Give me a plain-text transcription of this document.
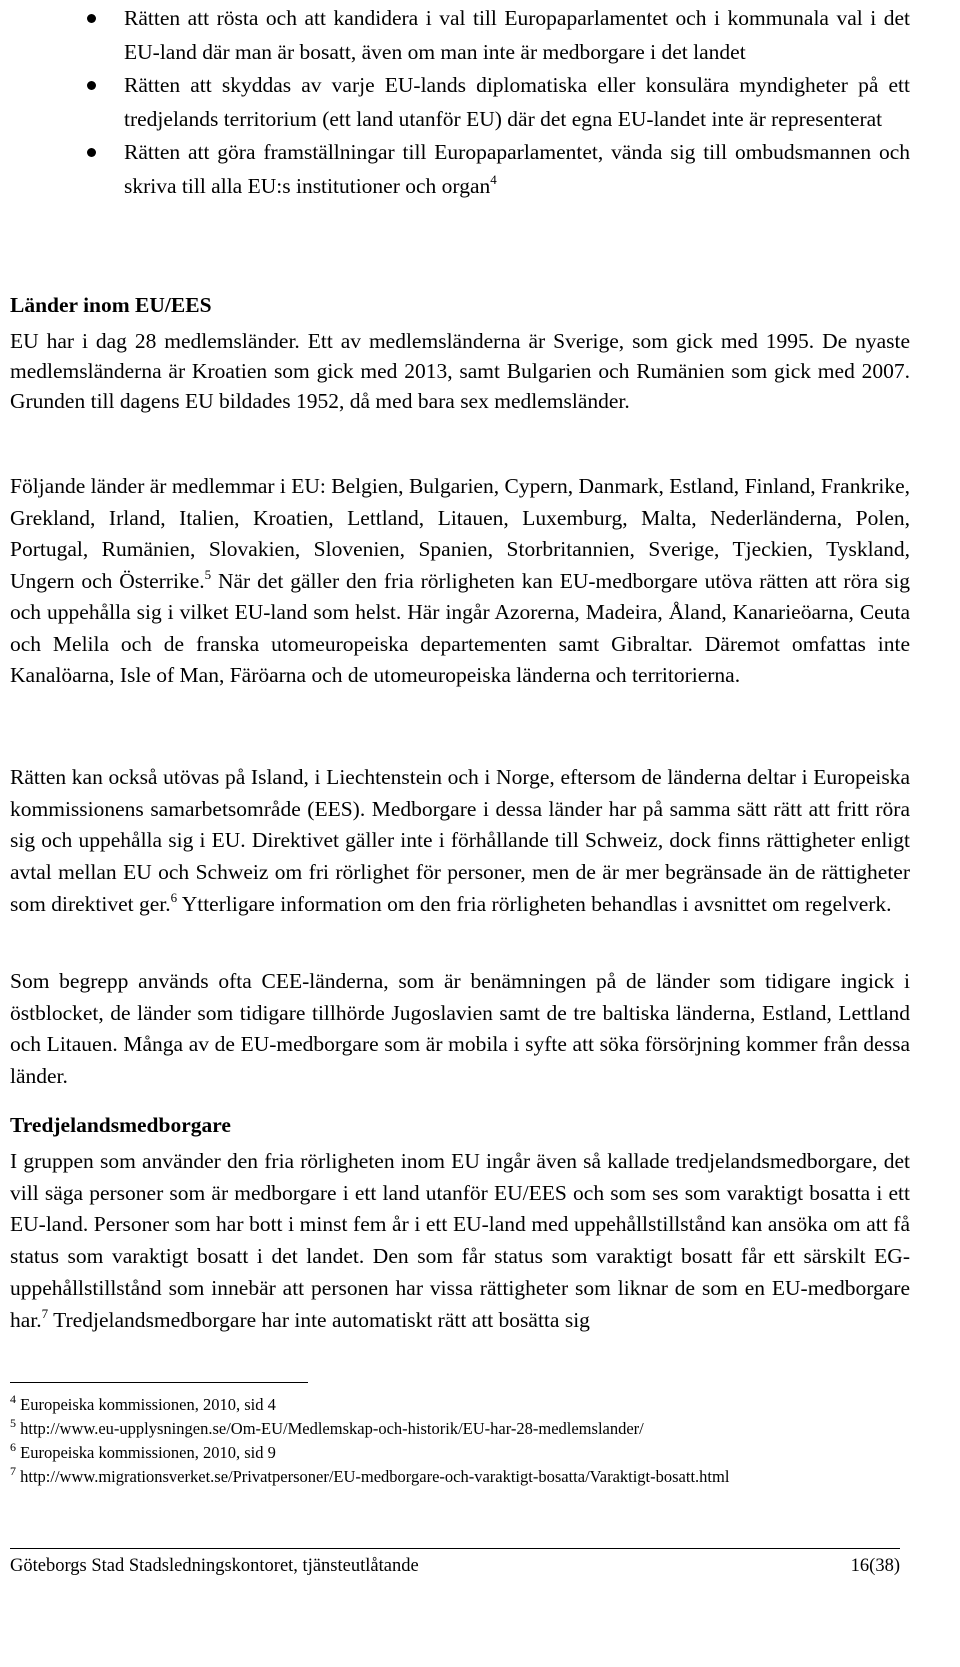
Rätten att rösta och att kandidera i val till Europaparlamentet och i kommunala val i det EU-land där man är bosatt, även om man inte är medborgare i det landet
Rätten att skyddas av varje EU-lands diplomatiska eller konsulära myndigheter på ett tredjelands territorium (ett land utanför EU) där det egna EU-landet inte är representerat
Rätten att göra framställningar till Europaparlamentet, vända sig till ombudsmannen och skriva till alla EU:s institutioner och organ$^4$
Länder inom EU/EES

EU har i dag 28 medlemsländer. Ett av medlemsländerna är Sverige, som gick med 1995. De nyaste medlemsländerna är Kroatien som gick med 2013, samt Bulgarien och Rumänien som gick med 2007. Grunden till dagens EU bildades 1952, då med bara sex medlemsländer.

Följande länder är medlemmar i EU: Belgien, Bulgarien, Cypern, Danmark, Estland, Finland, Frankrike, Grekland, Irland, Italien, Kroatien, Lettland, Litauen, Luxemburg, Malta, Nederländerna, Polen, Portugal, Rumänien, Slovakien, Slovenien, Spanien, Storbritannien, Sverige, Tjeckien, Tyskland, Ungern och Österrike.$^5$ När det gäller den fria rörligheten kan EU-medborgare utöva rätten att röra sig och uppehålla sig i vilket EU-land som helst. Här ingår Azorerna, Madeira, Åland, Kanarieöarna, Ceuta och Melila och de franska utomeuropeiska departementen samt Gibraltar. Däremot omfattas inte Kanalöarna, Isle of Man, Färöarna och de utomeuropeiska länderna och territorierna.

Rätten kan också utövas på Island, i Liechtenstein och i Norge, eftersom de länderna deltar i Europeiska kommissionens samarbetsområde (EES). Medborgare i dessa länder har på samma sätt rätt att fritt röra sig och uppehålla sig i EU. Direktivet gäller inte i förhållande till Schweiz, dock finns rättigheter enligt avtal mellan EU och Schweiz om fri rörlighet för personer, men de är mer begränsade än de rättigheter som direktivet ger.$^6$ Ytterligare information om den fria rörligheten behandlas i avsnittet om regelverk.

Som begrepp används ofta CEE-länderna, som är benämningen på de länder som tidigare ingick i östblocket, de länder som tidigare tillhörde Jugoslavien samt de tre baltiska länderna, Estland, Lettland och Litauen. Många av de EU-medborgare som är mobila i syfte att söka försörjning kommer från dessa länder.

Tredjelandsmedborgare

I gruppen som använder den fria rörligheten inom EU ingår även så kallade tredjelandsmedborgare, det vill säga personer som är medborgare i ett land utanför EU/EES och som ses som varaktigt bosatta i ett EU-land. Personer som har bott i minst fem år i ett EU-land med uppehållstillstånd kan ansöka om att få status som varaktigt bosatt i det landet. Den som får status som varaktigt bosatt får ett särskilt EG-uppehållstillstånd som innebär att personen har vissa rättigheter som liknar de som en EU-medborgare har.$^7$ Tredjelandsmedborgare har inte automatiskt rätt att bosätta sig

$^4$ Europeiska kommissionen, 2010, sid 4

$^5$ http://www.eu-upplysningen.se/Om-EU/Medlemskap-och-historik/EU-har-28-medlemslander/

$^6$ Europeiska kommissionen, 2010, sid 9

$^7$ http://www.migrationsverket.se/Privatpersoner/EU-medborgare-och-varaktigt-bosatta/Varaktigt-bosatt.html

Göteborgs Stad Stadsledningskontoret, tjänsteutlåtande	16(38)
